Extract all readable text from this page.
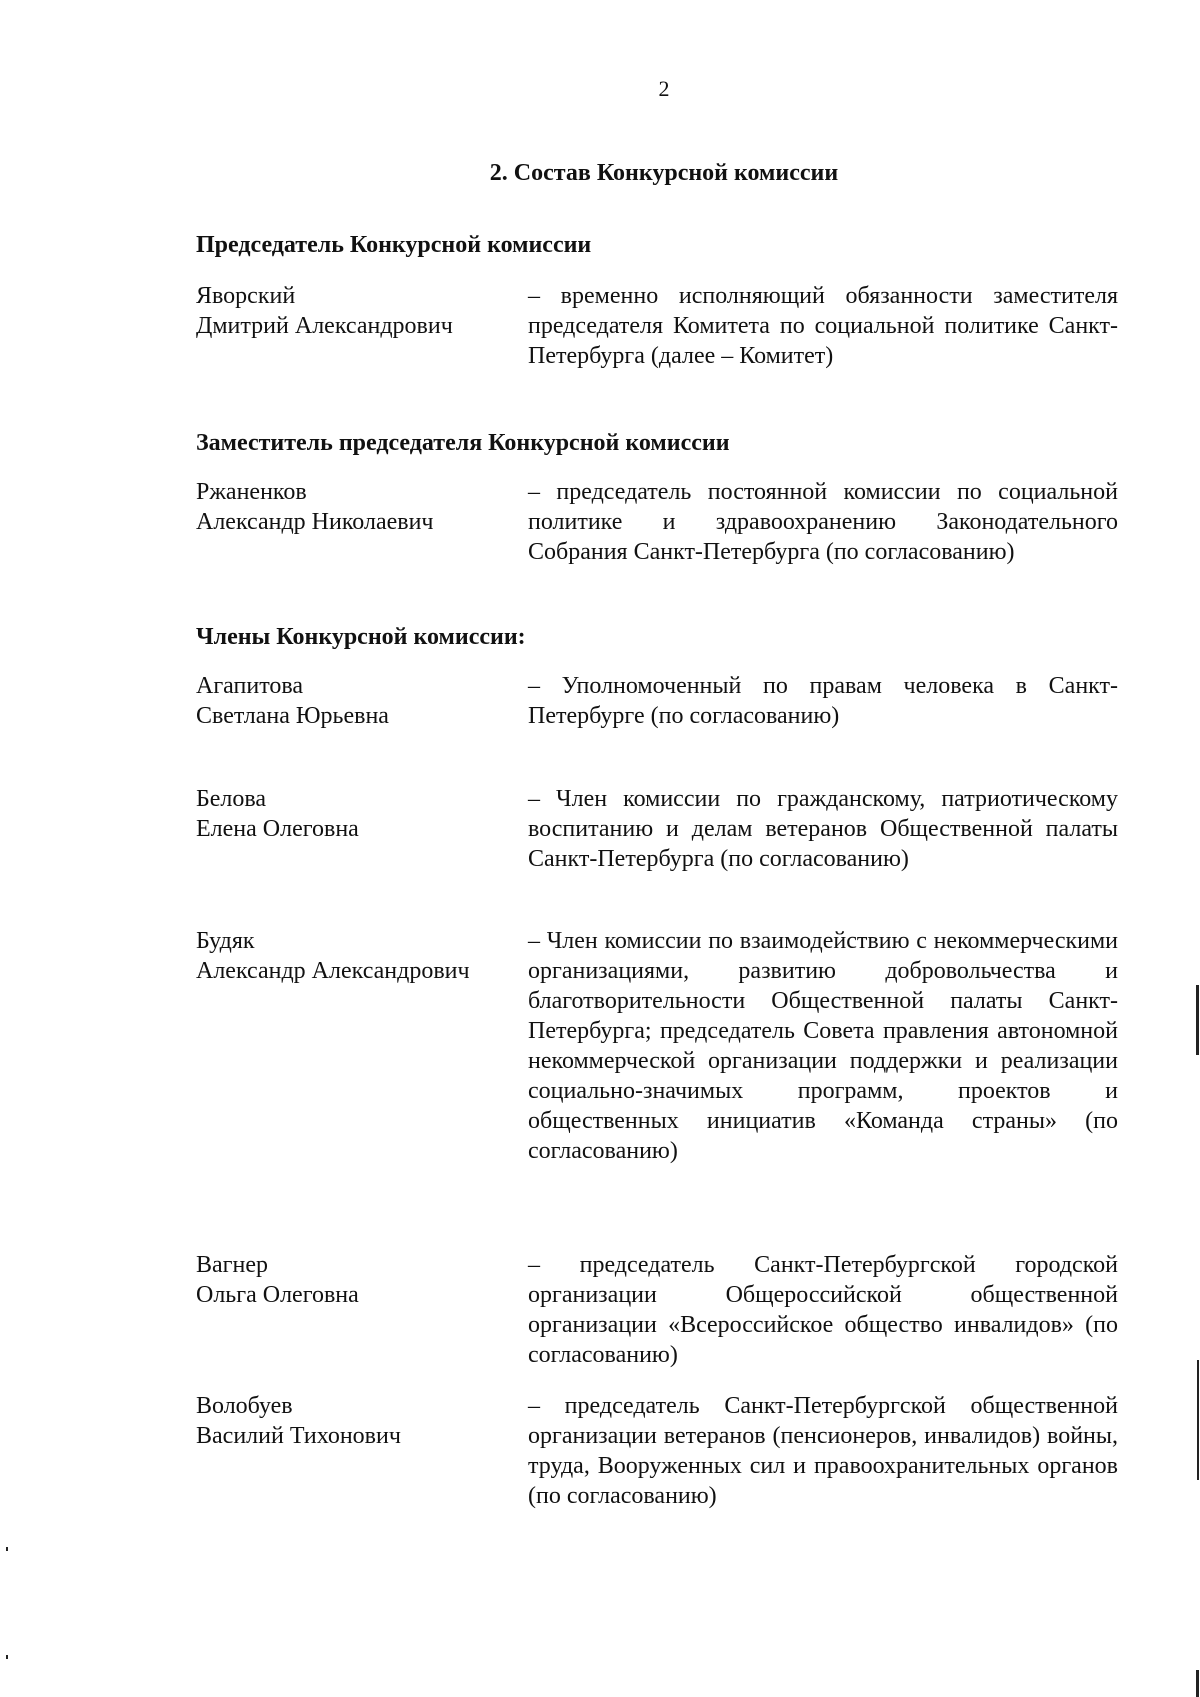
2
2. Состав Конкурсной комиссии
Председатель Конкурсной комиссии
Яворский
Дмитрий Александрович
– временно исполняющий обязанности заместителя председателя Комитета по социальной политике Санкт-Петербурга (далее – Комитет)
Заместитель председателя Конкурсной комиссии
Ржаненков
Александр Николаевич
– председатель постоянной комиссии по социальной политике и здравоохранению Законодательного Собрания Санкт-Петербурга (по согласованию)
Члены Конкурсной комиссии:
Агапитова
Светлана Юрьевна
– Уполномоченный по правам человека в Санкт-Петербурге (по согласованию)
Белова
Елена Олеговна
– Член комиссии по гражданскому, патриотическому воспитанию и делам ветеранов Общественной палаты Санкт-Петербурга (по согласованию)
Будяк
Александр Александрович
– Член комиссии по взаимодействию с некоммерческими организациями, развитию добровольчества и благотворительности Общественной палаты Санкт-Петербурга; председатель Совета правления автономной некоммерческой организации поддержки и реализации социально-значимых программ, проектов и общественных инициатив «Команда страны» (по согласованию)
Вагнер
Ольга Олеговна
– председатель Санкт-Петербургской городской организации Общероссийской общественной организации «Всероссийское общество инвалидов» (по согласованию)
Волобуев
Василий Тихонович
– председатель Санкт-Петербургской общественной организации ветеранов (пенсионеров, инвалидов) войны, труда, Вооруженных сил и правоохранительных органов (по согласованию)
